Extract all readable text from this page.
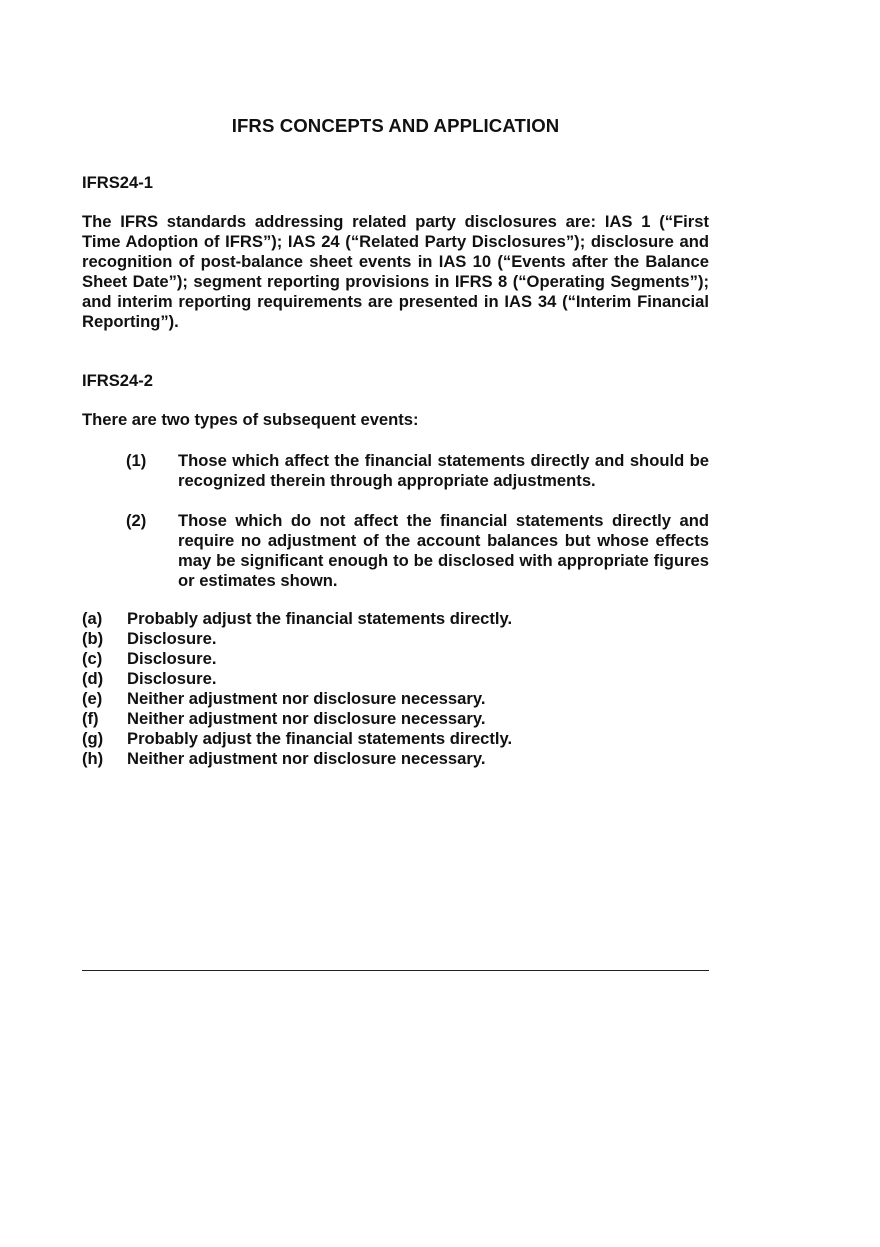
IFRS CONCEPTS AND APPLICATION
IFRS24-1
The IFRS standards addressing related party disclosures are: IAS 1 (“First Time Adoption of IFRS”); IAS 24 (“Related Party Disclosures”); disclosure and recognition of post-balance sheet events in IAS 10 (“Events after the Balance Sheet Date”); segment reporting provisions in IFRS 8 (“Operating Segments”); and interim reporting requirements are presented in IAS 34 (“Interim Financial Reporting”).
IFRS24-2
There are two types of subsequent events:
(1) Those which affect the financial statements directly and should be recognized therein through appropriate adjustments.
(2) Those which do not affect the financial statements directly and require no adjustment of the account balances but whose effects may be significant enough to be disclosed with appropriate figures or estimates shown.
(a) Probably adjust the financial statements directly.
(b) Disclosure.
(c) Disclosure.
(d) Disclosure.
(e) Neither adjustment nor disclosure necessary.
(f) Neither adjustment nor disclosure necessary.
(g) Probably adjust the financial statements directly.
(h) Neither adjustment nor disclosure necessary.
